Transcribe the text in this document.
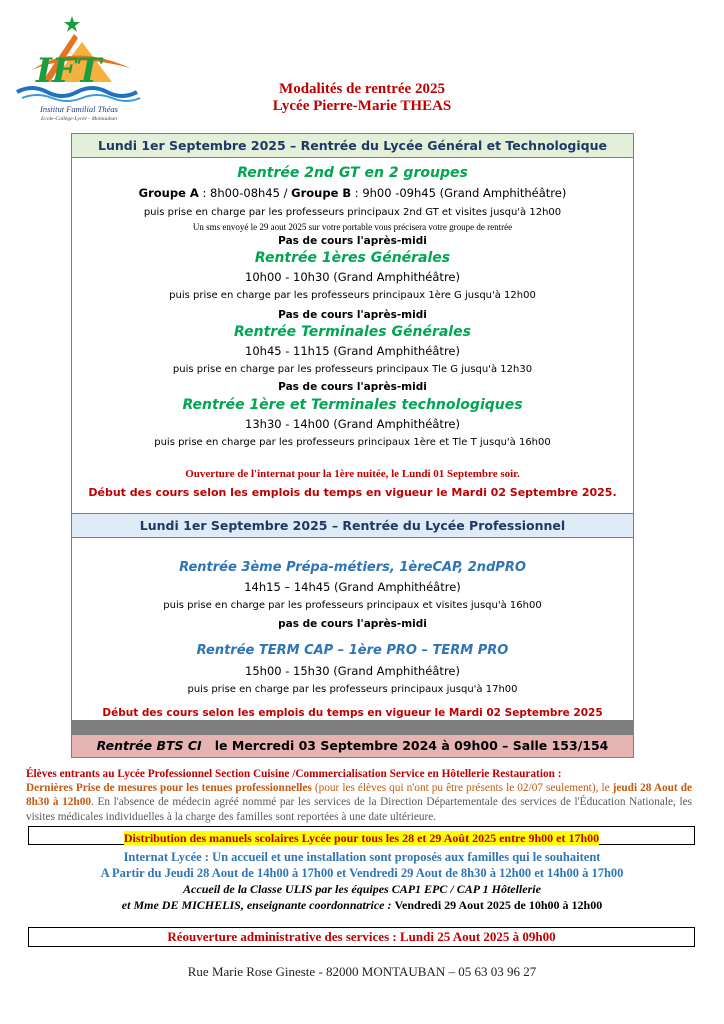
IFT
Institut Familial Théas
Ecole-Collège-Lycée - Montauban
Modalités de rentrée 2025
Lycée Pierre-Marie THEAS
Lundi 1er Septembre 2025 – Rentrée du Lycée Général et Technologique
Rentrée 2nd GT en 2 groupes
Groupe A : 8h00-08h45 / Groupe B : 9h00 -09h45 (Grand Amphithéâtre)
puis prise en charge par les professeurs principaux 2nd GT et visites jusqu'à 12h00
Un sms envoyé le 29 aout 2025 sur votre portable vous précisera votre groupe de rentrée
Pas de cours l'après-midi
Rentrée 1ères Générales
10h00 - 10h30 (Grand Amphithéâtre)
puis prise en charge par les professeurs principaux 1ère G jusqu'à 12h00
Pas de cours l'après-midi
Rentrée Terminales Générales
10h45 - 11h15 (Grand Amphithéâtre)
puis prise en charge par les professeurs principaux Tle G jusqu'à 12h30
Pas de cours l'après-midi
Rentrée 1ère et Terminales technologiques
13h30 - 14h00 (Grand Amphithéâtre)
puis prise en charge par les professeurs principaux 1ère et Tle T jusqu'à 16h00
Ouverture de l'internat pour la 1ère nuitée, le Lundi 01 Septembre soir.
Début des cours selon les emplois du temps en vigueur le Mardi 02 Septembre 2025.
Lundi 1er Septembre 2025 – Rentrée du Lycée Professionnel
Rentrée 3ème Prépa-métiers, 1èreCAP, 2ndPRO
14h15 – 14h45 (Grand Amphithéâtre)
puis prise en charge par les professeurs principaux et visites jusqu'à 16h00
pas de cours l'après-midi
Rentrée TERM CAP – 1ère PRO – TERM PRO
15h00 - 15h30 (Grand Amphithéâtre)
puis prise en charge par les professeurs principaux jusqu'à 17h00
Début des cours selon les emplois du temps en vigueur le Mardi 02 Septembre 2025
Rentrée BTS CI le Mercredi 03 Septembre 2024 à 09h00 – Salle 153/154
Élèves entrants au Lycée Professionnel Section Cuisine /Commercialisation Service en Hôtellerie Restauration :
Dernières Prise de mesures pour les tenues professionnelles (pour les élèves qui n'ont pu être présents le 02/07 seulement), le jeudi 28 Aout de 8h30 à 12h00. En l'absence de médecin agréé nommé par les services de la Direction Départementale des services de l'Éducation Nationale, les visites médicales individuelles à la charge des familles sont reportées à une date ultérieure.
Distribution des manuels scolaires Lycée pour tous les 28 et 29 Août 2025 entre 9h00 et 17h00
Internat Lycée : Un accueil et une installation sont proposés aux familles qui le souhaitent
A Partir du Jeudi 28 Aout de 14h00 à 17h00 et Vendredi 29 Aout de 8h30 à 12h00 et 14h00 à 17h00
Accueil de la Classe ULIS par les équipes CAP1 EPC / CAP 1 Hôtellerie
et Mme DE MICHELIS, enseignante coordonnatrice : Vendredi 29 Aout 2025 de 10h00 à 12h00
Réouverture administrative des services : Lundi 25 Aout 2025 à 09h00
Rue Marie Rose Gineste - 82000 MONTAUBAN – 05 63 03 96 27
